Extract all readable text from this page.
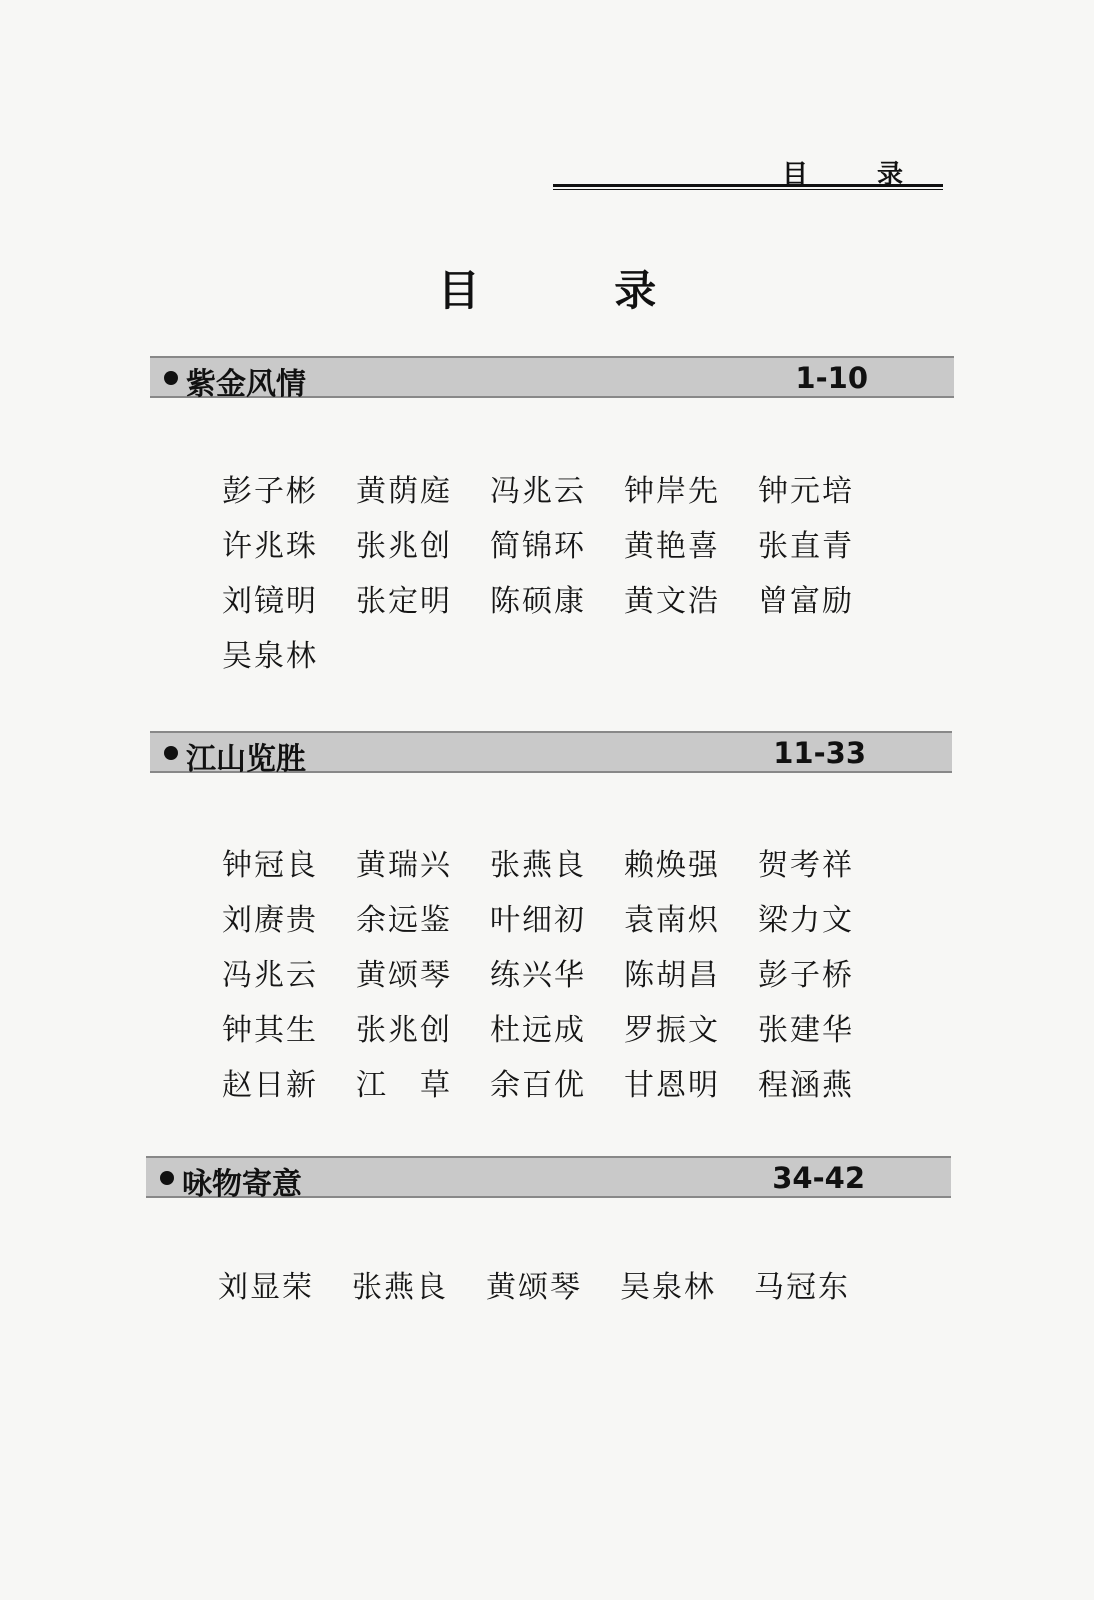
目 录
目 录
紫金风情	1-10
彭子彬	黄荫庭	冯兆云	钟岸先	钟元培
许兆珠	张兆创	简锦环	黄艳喜	张直青
刘镜明	张定明	陈硕康	黄文浩	曾富励
吴泉林
江山览胜	11-33
钟冠良	黄瑞兴	张燕良	赖焕强	贺考祥
刘赓贵	余远鉴	叶细初	袁南炽	梁力文
冯兆云	黄颂琴	练兴华	陈胡昌	彭子桥
钟其生	张兆创	杜远成	罗振文	张建华
赵日新	江　草	余百优	甘恩明	程涵燕
咏物寄意	34-42
刘显荣	张燕良	黄颂琴	吴泉林	马冠东
